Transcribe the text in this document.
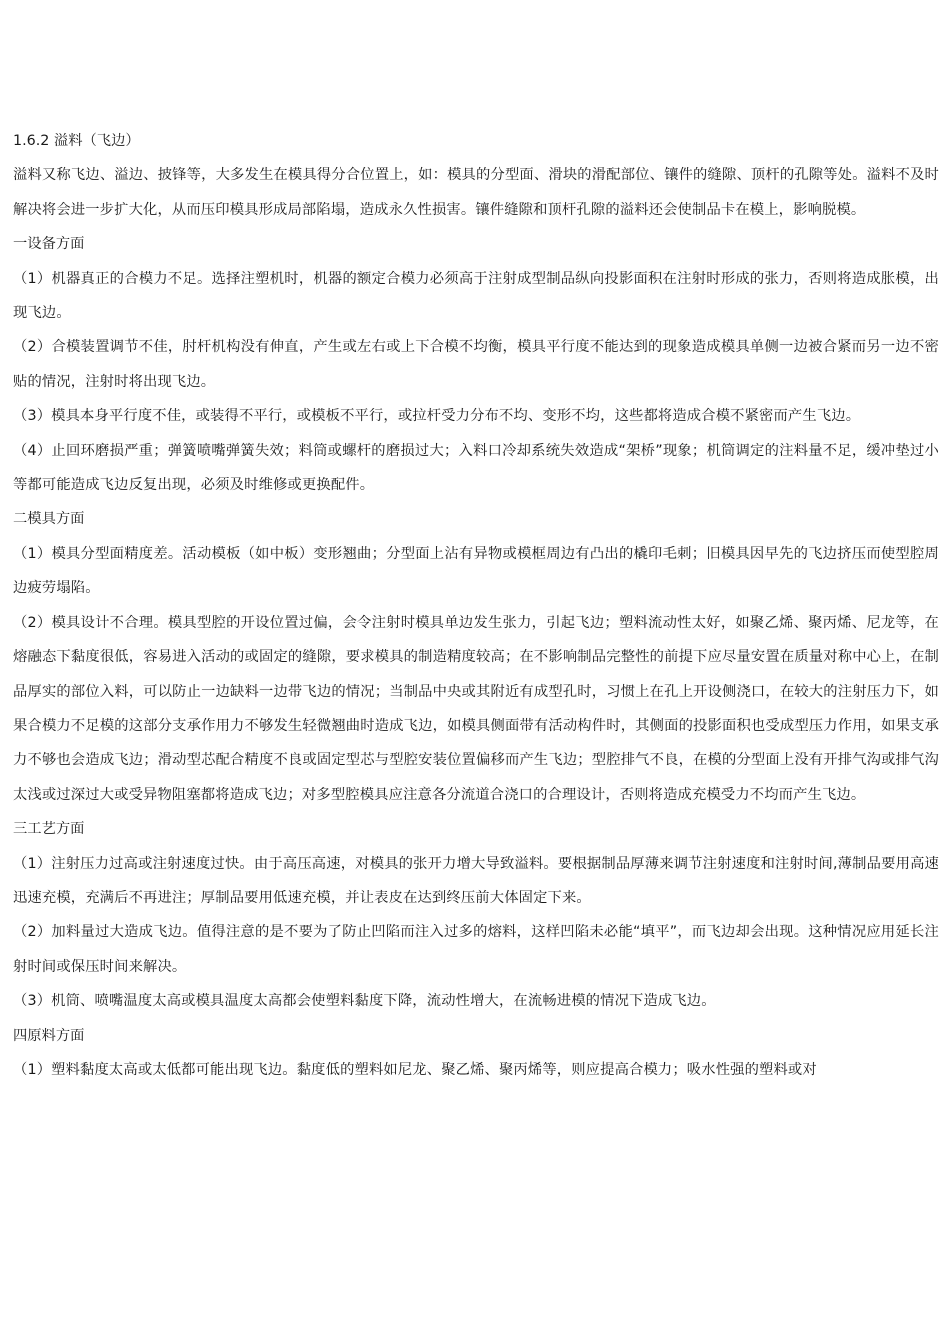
1.6.2 溢料（飞边）

溢料又称飞边、溢边、披锋等，大多发生在模具得分合位置上，如：模具的分型面、滑块的滑配部位、镶件的缝隙、顶杆的孔隙等处。溢料不及时解决将会进一步扩大化，从而压印模具形成局部陷塌，造成永久性损害。镶件缝隙和顶杆孔隙的溢料还会使制品卡在模上，影响脱模。

一设备方面

（1）机器真正的合模力不足。选择注塑机时，机器的额定合模力必须高于注射成型制品纵向投影面积在注射时形成的张力，否则将造成胀模，出现飞边。

（2）合模装置调节不佳，肘杆机构没有伸直，产生或左右或上下合模不均衡，模具平行度不能达到的现象造成模具单侧一边被合紧而另一边不密贴的情况，注射时将出现飞边。

（3）模具本身平行度不佳，或装得不平行，或模板不平行，或拉杆受力分布不均、变形不均，这些都将造成合模不紧密而产生飞边。

（4）止回环磨损严重；弹簧喷嘴弹簧失效；料筒或螺杆的磨损过大；入料口冷却系统失效造成“架桥”现象；机筒调定的注料量不足，缓冲垫过小等都可能造成飞边反复出现，必须及时维修或更换配件。

二模具方面

（1）模具分型面精度差。活动模板（如中板）变形翘曲；分型面上沾有异物或模框周边有凸出的橇印毛刺；旧模具因早先的飞边挤压而使型腔周边疲劳塌陷。

（2）模具设计不合理。模具型腔的开设位置过偏，会令注射时模具单边发生张力，引起飞边；塑料流动性太好，如聚乙烯、聚丙烯、尼龙等，在熔融态下黏度很低，容易进入活动的或固定的缝隙，要求模具的制造精度较高；在不影响制品完整性的前提下应尽量安置在质量对称中心上，在制品厚实的部位入料，可以防止一边缺料一边带飞边的情况；当制品中央或其附近有成型孔时，习惯上在孔上开设侧浇口，在较大的注射压力下，如果合模力不足模的这部分支承作用力不够发生轻微翘曲时造成飞边，如模具侧面带有活动构件时，其侧面的投影面积也受成型压力作用，如果支承力不够也会造成飞边；滑动型芯配合精度不良或固定型芯与型腔安装位置偏移而产生飞边；型腔排气不良，在模的分型面上没有开排气沟或排气沟太浅或过深过大或受异物阻塞都将造成飞边；对多型腔模具应注意各分流道合浇口的合理设计，否则将造成充模受力不均而产生飞边。

三工艺方面

（1）注射压力过高或注射速度过快。由于高压高速，对模具的张开力增大导致溢料。要根据制品厚薄来调节注射速度和注射时间,薄制品要用高速迅速充模，充满后不再进注；厚制品要用低速充模，并让表皮在达到终压前大体固定下来。

（2）加料量过大造成飞边。值得注意的是不要为了防止凹陷而注入过多的熔料，这样凹陷未必能“填平”，而飞边却会出现。这种情况应用延长注射时间或保压时间来解决。

（3）机筒、喷嘴温度太高或模具温度太高都会使塑料黏度下降，流动性增大，在流畅进模的情况下造成飞边。

四原料方面

（1）塑料黏度太高或太低都可能出现飞边。黏度低的塑料如尼龙、聚乙烯、聚丙烯等，则应提高合模力；吸水性强的塑料或对
